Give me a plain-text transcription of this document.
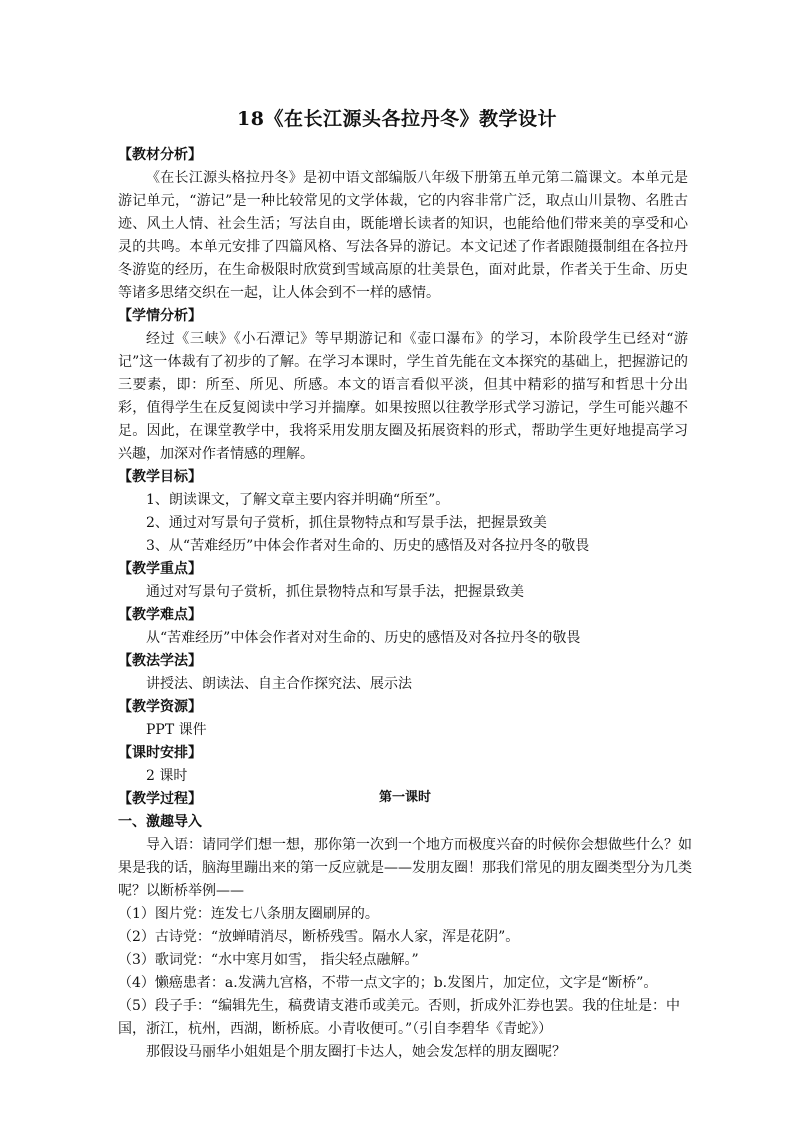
18《在长江源头各拉丹冬》教学设计

【教材分析】

《在长江源头格拉丹冬》是初中语文部编版八年级下册第五单元第二篇课文。本单元是游记单元，“游记”是一种比较常见的文学体裁，它的内容非常广泛，取点山川景物、名胜古迹、风土人情、社会生活；写法自由，既能增长读者的知识，也能给他们带来美的享受和心灵的共鸣。本单元安排了四篇风格、写法各异的游记。本文记述了作者跟随摄制组在各拉丹冬游览的经历，在生命极限时欣赏到雪域高原的壮美景色，面对此景，作者关于生命、历史等诸多思绪交织在一起，让人体会到不一样的感情。

【学情分析】

经过《三峡》《小石潭记》等早期游记和《壶口瀑布》的学习，本阶段学生已经对“游记”这一体裁有了初步的了解。在学习本课时，学生首先能在文本探究的基础上，把握游记的三要素，即：所至、所见、所感。本文的语言看似平淡，但其中精彩的描写和哲思十分出彩，值得学生在反复阅读中学习并揣摩。如果按照以往教学形式学习游记，学生可能兴趣不足。因此，在课堂教学中，我将采用发朋友圈及拓展资料的形式，帮助学生更好地提高学习兴趣，加深对作者情感的理解。

【教学目标】

1、朗读课文，了解文章主要内容并明确“所至”。

2、通过对写景句子赏析，抓住景物特点和写景手法，把握景致美

3、从“苦难经历”中体会作者对生命的、历史的感悟及对各拉丹冬的敬畏

【教学重点】

通过对写景句子赏析，抓住景物特点和写景手法，把握景致美

【教学难点】

从“苦难经历”中体会作者对对生命的、历史的感悟及对各拉丹冬的敬畏

【教法学法】

讲授法、朗读法、自主合作探究法、展示法

【教学资源】

PPT 课件

【课时安排】

2 课时

【教学过程】	第一课时

一、激趣导入

导入语：请同学们想一想，那你第一次到一个地方而极度兴奋的时候你会想做些什么？如果是我的话，脑海里蹦出来的第一反应就是——发朋友圈！那我们常见的朋友圈类型分为几类呢？以断桥举例——

（1）图片党：连发七八条朋友圈刷屏的。

（2）古诗党：“放蝉晴消尽，断桥残雪。隔水人家，浑是花阴”。

（3）歌词党：“水中寒月如雪， 指尖轻点融解。”

（4）懒癌患者：a.发满九宫格，不带一点文字的；b.发图片，加定位，文字是“断桥”。

（5）段子手：“编辑先生，稿费请支港币或美元。否则，折成外汇券也罢。我的住址是：中国，浙江，杭州，西湖，断桥底。小青收便可。”（引自李碧华《青蛇》）

那假设马丽华小姐姐是个朋友圈打卡达人，她会发怎样的朋友圈呢？
